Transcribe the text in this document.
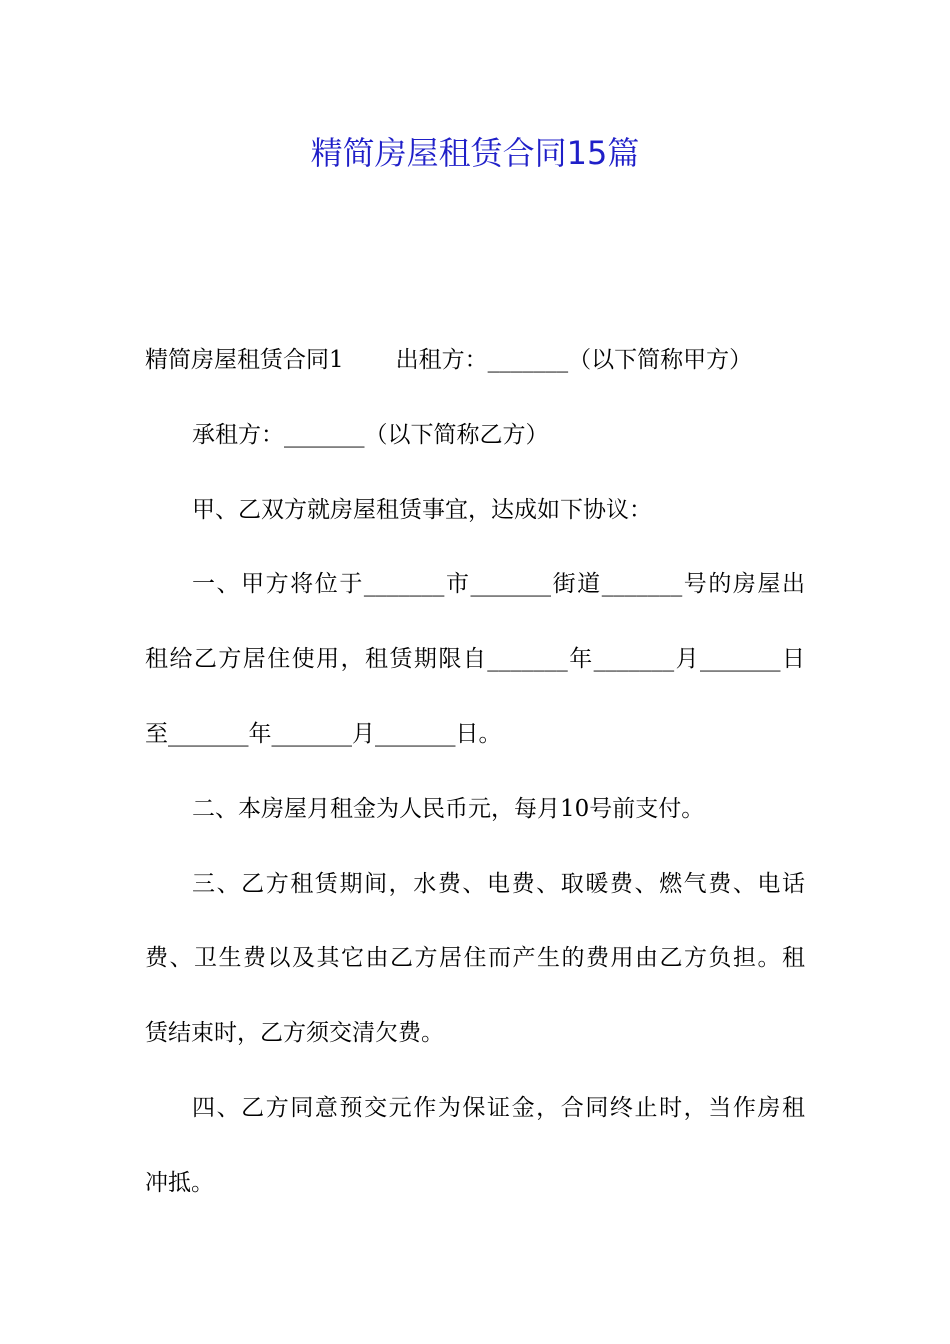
精简房屋租赁合同15篇
精简房屋租赁合同1 出租方：_______（以下简称甲方）
承租方：_______（以下简称乙方）
甲、乙双方就房屋租赁事宜，达成如下协议：
一、甲方将位于_______市_______街道_______号的房屋出
租给乙方居住使用，租赁期限自_______年_______月_______日
至_______年_______月_______日。
二、本房屋月租金为人民币元，每月10号前支付。
三、乙方租赁期间，水费、电费、取暖费、燃气费、电话
费、卫生费以及其它由乙方居住而产生的费用由乙方负担。租
赁结束时，乙方须交清欠费。
四、乙方同意预交元作为保证金，合同终止时，当作房租
冲抵。
